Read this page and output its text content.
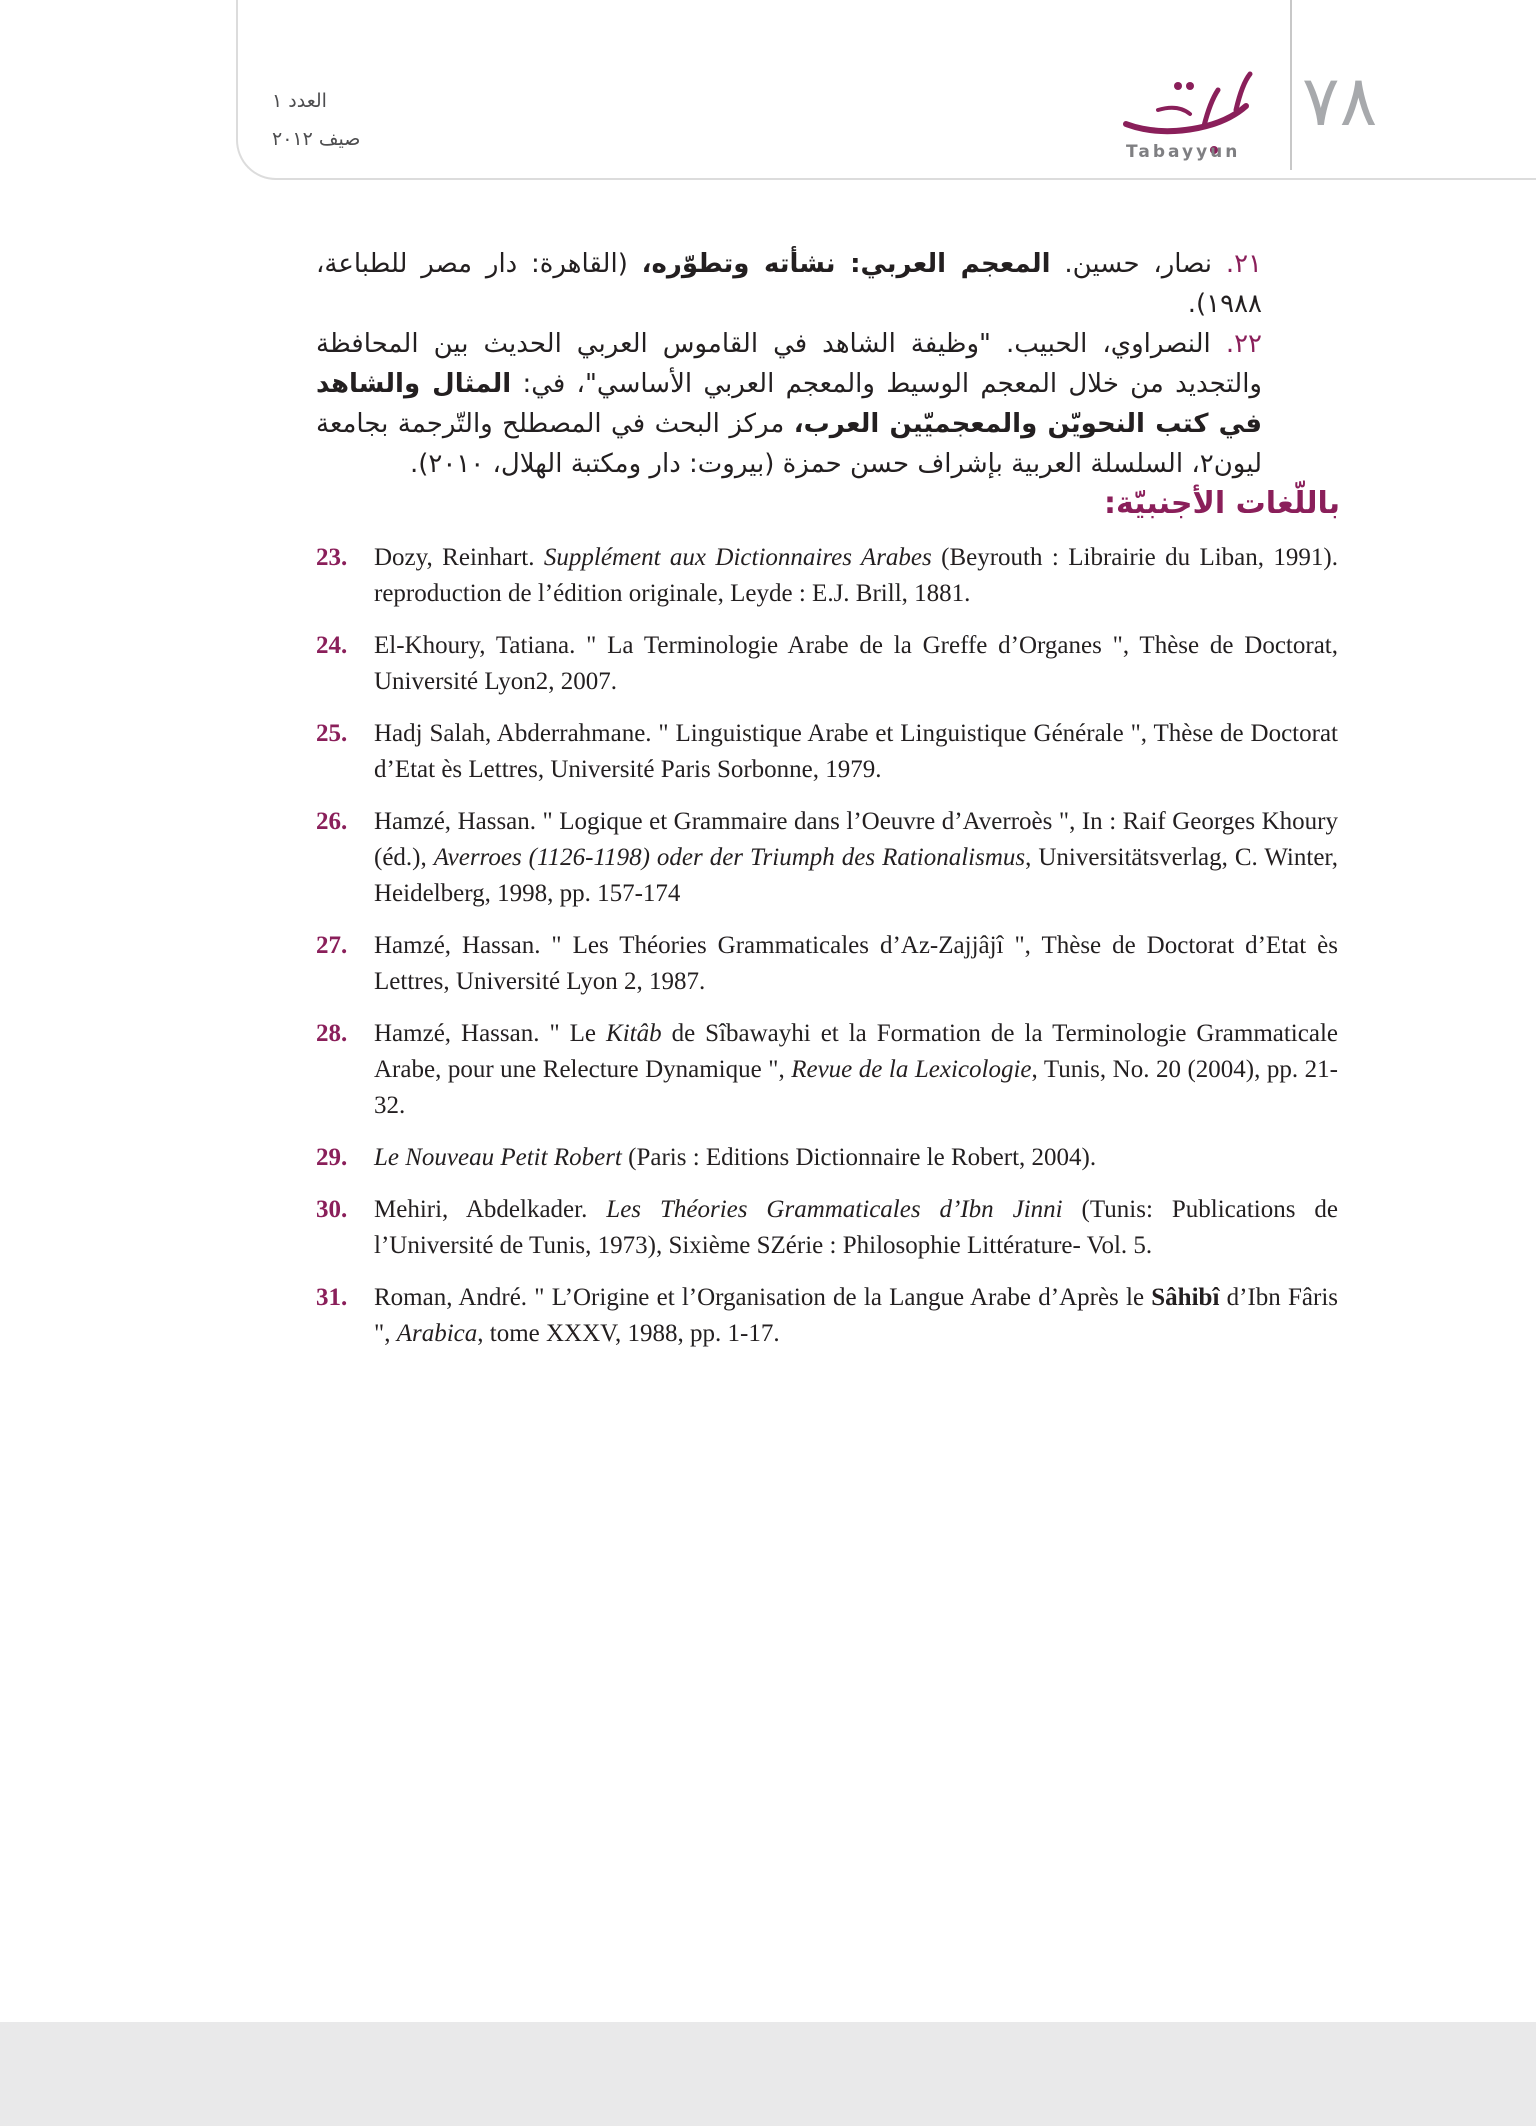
٧٨
Tabayyun
العدد ١
صيف ٢٠١٢

٢١. نصار، حسين. المعجم العربي: نشأته وتطوّره، (القاهرة: دار مصر للطباعة، ١٩٨٨).

٢٢. النصراوي، الحبيب. "وظيفة الشاهد في القاموس العربي الحديث بين المحافظة والتجديد من خلال المعجم الوسيط والمعجم العربي الأساسي"، في: المثال والشاهد في كتب النحويّن والمعجميّين العرب، مركز البحث في المصطلح والتّرجمة بجامعة ليون٢، السلسلة العربية بإشراف حسن حمزة (بيروت: دار ومكتبة الهلال، ٢٠١٠).

باللّغات الأجنبيّة:
23.	Dozy, Reinhart. Supplément aux Dictionnaires Arabes (Beyrouth : Librairie du Liban, 1991). reproduction de l’édition originale, Leyde : E.J. Brill, 1881.
24.	El-Khoury, Tatiana. " La Terminologie Arabe de la Greffe d’Organes ", Thèse de Doctorat, Université Lyon2, 2007.
25.	Hadj Salah, Abderrahmane. " Linguistique Arabe et Linguistique Générale ", Thèse de Doctorat d’Etat ès Lettres, Université Paris Sorbonne, 1979.
26.	Hamzé, Hassan. " Logique et Grammaire dans l’Oeuvre d’Averroès ", In : Raif Georges Khoury (éd.), Averroes (1126-1198) oder der Triumph des Rationalismus, Universitätsverlag, C. Winter, Heidelberg, 1998, pp. 157-174
27.	Hamzé, Hassan. " Les Théories Grammaticales d’Az-Zajjâjî ", Thèse de Doctorat d’Etat ès Lettres, Université Lyon 2, 1987.
28.	Hamzé, Hassan. " Le Kitâb de Sîbawayhi et la Formation de la Terminologie Grammaticale Arabe, pour une Relecture Dynamique ", Revue de la Lexicologie, Tunis, No. 20 (2004), pp. 21-32.
29.	Le Nouveau Petit Robert (Paris : Editions Dictionnaire le Robert, 2004).
30.	Mehiri, Abdelkader. Les Théories Grammaticales d’Ibn Jinni (Tunis: Publications de l’Université de Tunis, 1973), Sixième SZérie : Philosophie Littérature- Vol. 5.
31.	Roman, André. " L’Origine et l’Organisation de la Langue Arabe d’Après le Sâhibî d’Ibn Fâris ", Arabica, tome XXXV, 1988, pp. 1-17.
